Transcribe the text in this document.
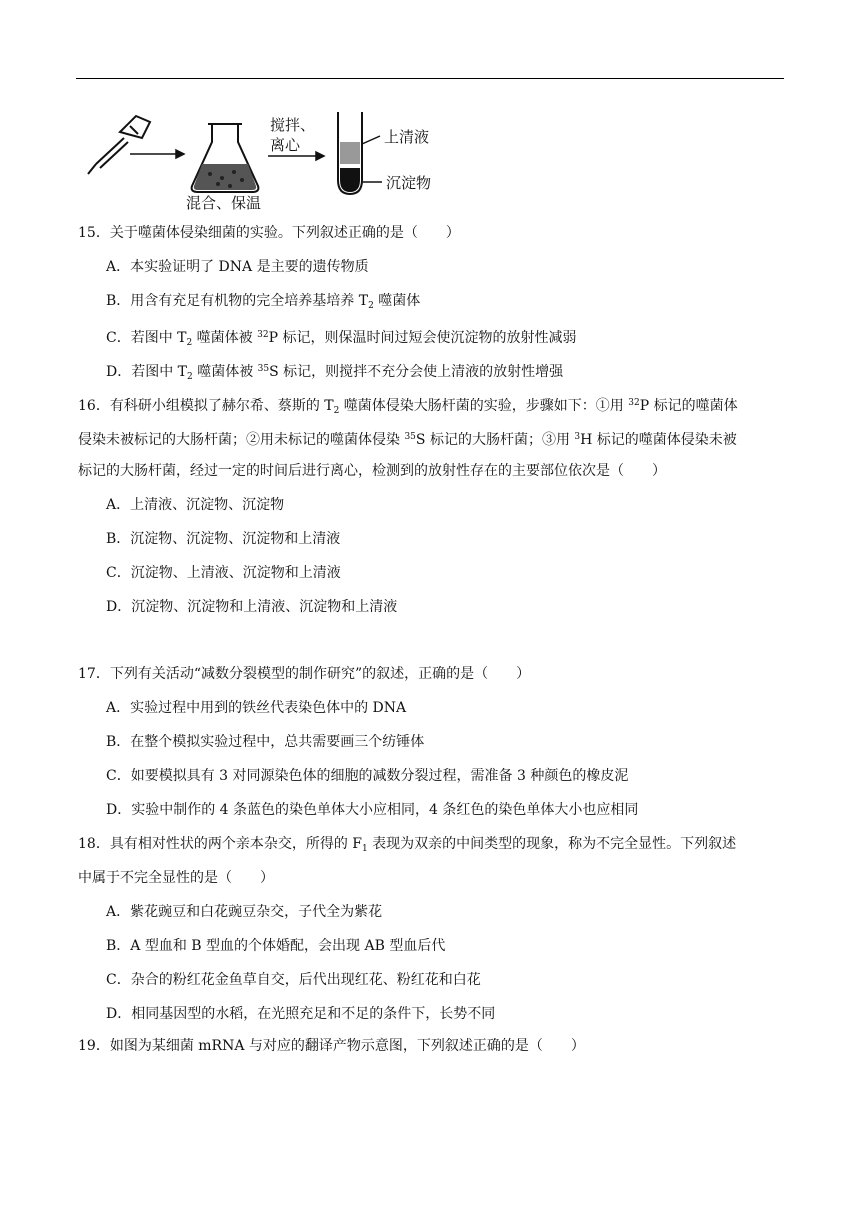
混合、保温
搅拌、
离心	上清液
沉淀物
15．关于噬菌体侵染细菌的实验。下列叙述正确的是（　　）
A．本实验证明了 DNA 是主要的遗传物质
B．用含有充足有机物的完全培养基培养 $T_2$ 噬菌体
C．若图中 $T_2$ 噬菌体被 $^{32}$P 标记，则保温时间过短会使沉淀物的放射性减弱
D．若图中 $T_2$ 噬菌体被 $^{35}$S 标记，则搅拌不充分会使上清液的放射性增强
16．有科研小组模拟了赫尔希、蔡斯的 $T_2$ 噬菌体侵染大肠杆菌的实验，步骤如下：①用 $^{32}$P 标记的噬菌体
侵染未被标记的大肠杆菌；②用未标记的噬菌体侵染 $^{35}$S 标记的大肠杆菌；③用 $^3$H 标记的噬菌体侵染未被
标记的大肠杆菌，经过一定的时间后进行离心，检测到的放射性存在的主要部位依次是（　　）
A．上清液、沉淀物、沉淀物
B．沉淀物、沉淀物、沉淀物和上清液
C．沉淀物、上清液、沉淀物和上清液
D．沉淀物、沉淀物和上清液、沉淀物和上清液
17．下列有关活动“减数分裂模型的制作研究”的叙述，正确的是（　　）
A．实验过程中用到的铁丝代表染色体中的 DNA
B．在整个模拟实验过程中，总共需要画三个纺锤体
C．如要模拟具有 3 对同源染色体的细胞的减数分裂过程，需准备 3 种颜色的橡皮泥
D．实验中制作的 4 条蓝色的染色单体大小应相同，4 条红色的染色单体大小也应相同
18．具有相对性状的两个亲本杂交，所得的 $F_1$ 表现为双亲的中间类型的现象，称为不完全显性。下列叙述
中属于不完全显性的是（　　）
A．紫花豌豆和白花豌豆杂交，子代全为紫花
B．A 型血和 B 型血的个体婚配，会出现 AB 型血后代
C．杂合的粉红花金鱼草自交，后代出现红花、粉红花和白花
D．相同基因型的水稻，在光照充足和不足的条件下，长势不同
19．如图为某细菌 mRNA 与对应的翻译产物示意图，下列叙述正确的是（　　）
